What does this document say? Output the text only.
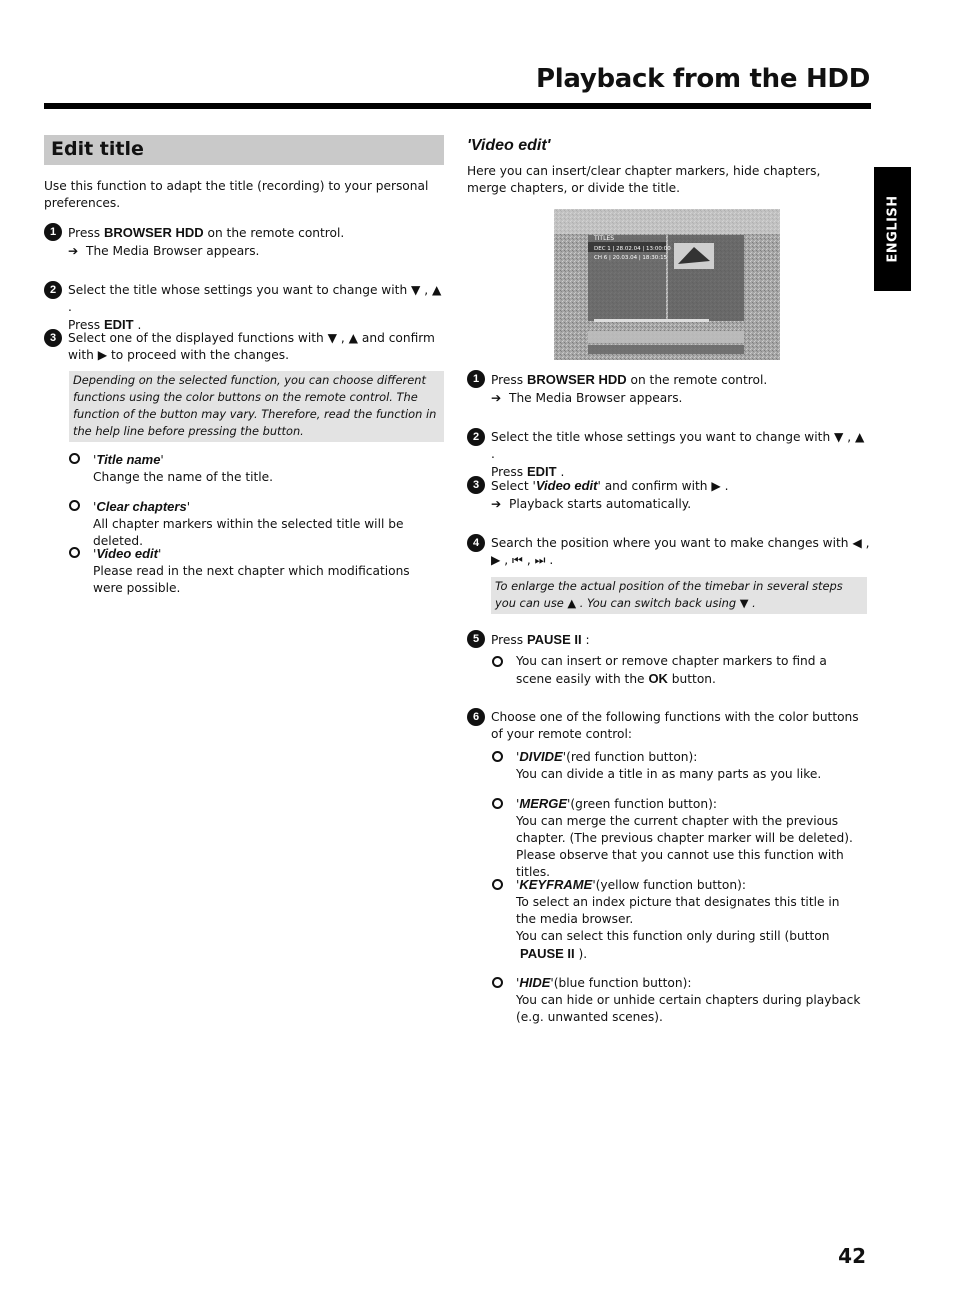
Playback from the HDD
ENGLISH
Edit title

Use this function to adapt the title (recording) to your personal preferences.

1 Press BROWSER HDD on the remote control.

➔ The Media Browser appears.

2 Select the title whose settings you want to change with ▼ , ▲ .

Press EDIT .

3 Select one of the displayed functions with ▼ , ▲ and confirm

with ▶ to proceed with the changes.

Depending on the selected function, you can choose different functions using the color buttons on the remote control. The function of the button may vary. Therefore, read the function in the help line before pressing the button.

'Title name'

Change the name of the title.

'Clear chapters'

All chapter markers within the selected title will be deleted.

'Video edit'

Please read in the next chapter which modifications were possible.

'Video edit'

Here you can insert/clear chapter markers, hide chapters, merge chapters, or divide the title.

TITLES
DEC 1 | 28.02.04 | 13:00:00
CH 6 | 20.03.04 | 18:30:15
1 Press BROWSER HDD on the remote control.

➔ The Media Browser appears.

2 Select the title whose settings you want to change with ▼ , ▲ .

Press EDIT .

3 Select 'Video edit' and confirm with ▶ .

➔ Playback starts automatically.

4 Search the position where you want to make changes with ◀ ,

▶ , ⏮ , ⏭ .

To enlarge the actual position of the timebar in several steps you can use ▲ . You can switch back using ▼ .
5 Press PAUSE II :

You can insert or remove chapter markers to find a scene easily with the OK button.

6 Choose one of the following functions with the color buttons of your remote control:

'DIVIDE'(red function button):

You can divide a title in as many parts as you like.

'MERGE'(green function button):

You can merge the current chapter with the previous chapter. (The previous chapter marker will be deleted). Please observe that you cannot use this function with titles.

'KEYFRAME'(yellow function button):

To select an index picture that designates this title in the media browser.

You can select this function only during still (button

PAUSE II ).

'HIDE'(blue function button):

You can hide or unhide certain chapters during playback (e.g. unwanted scenes).

42
